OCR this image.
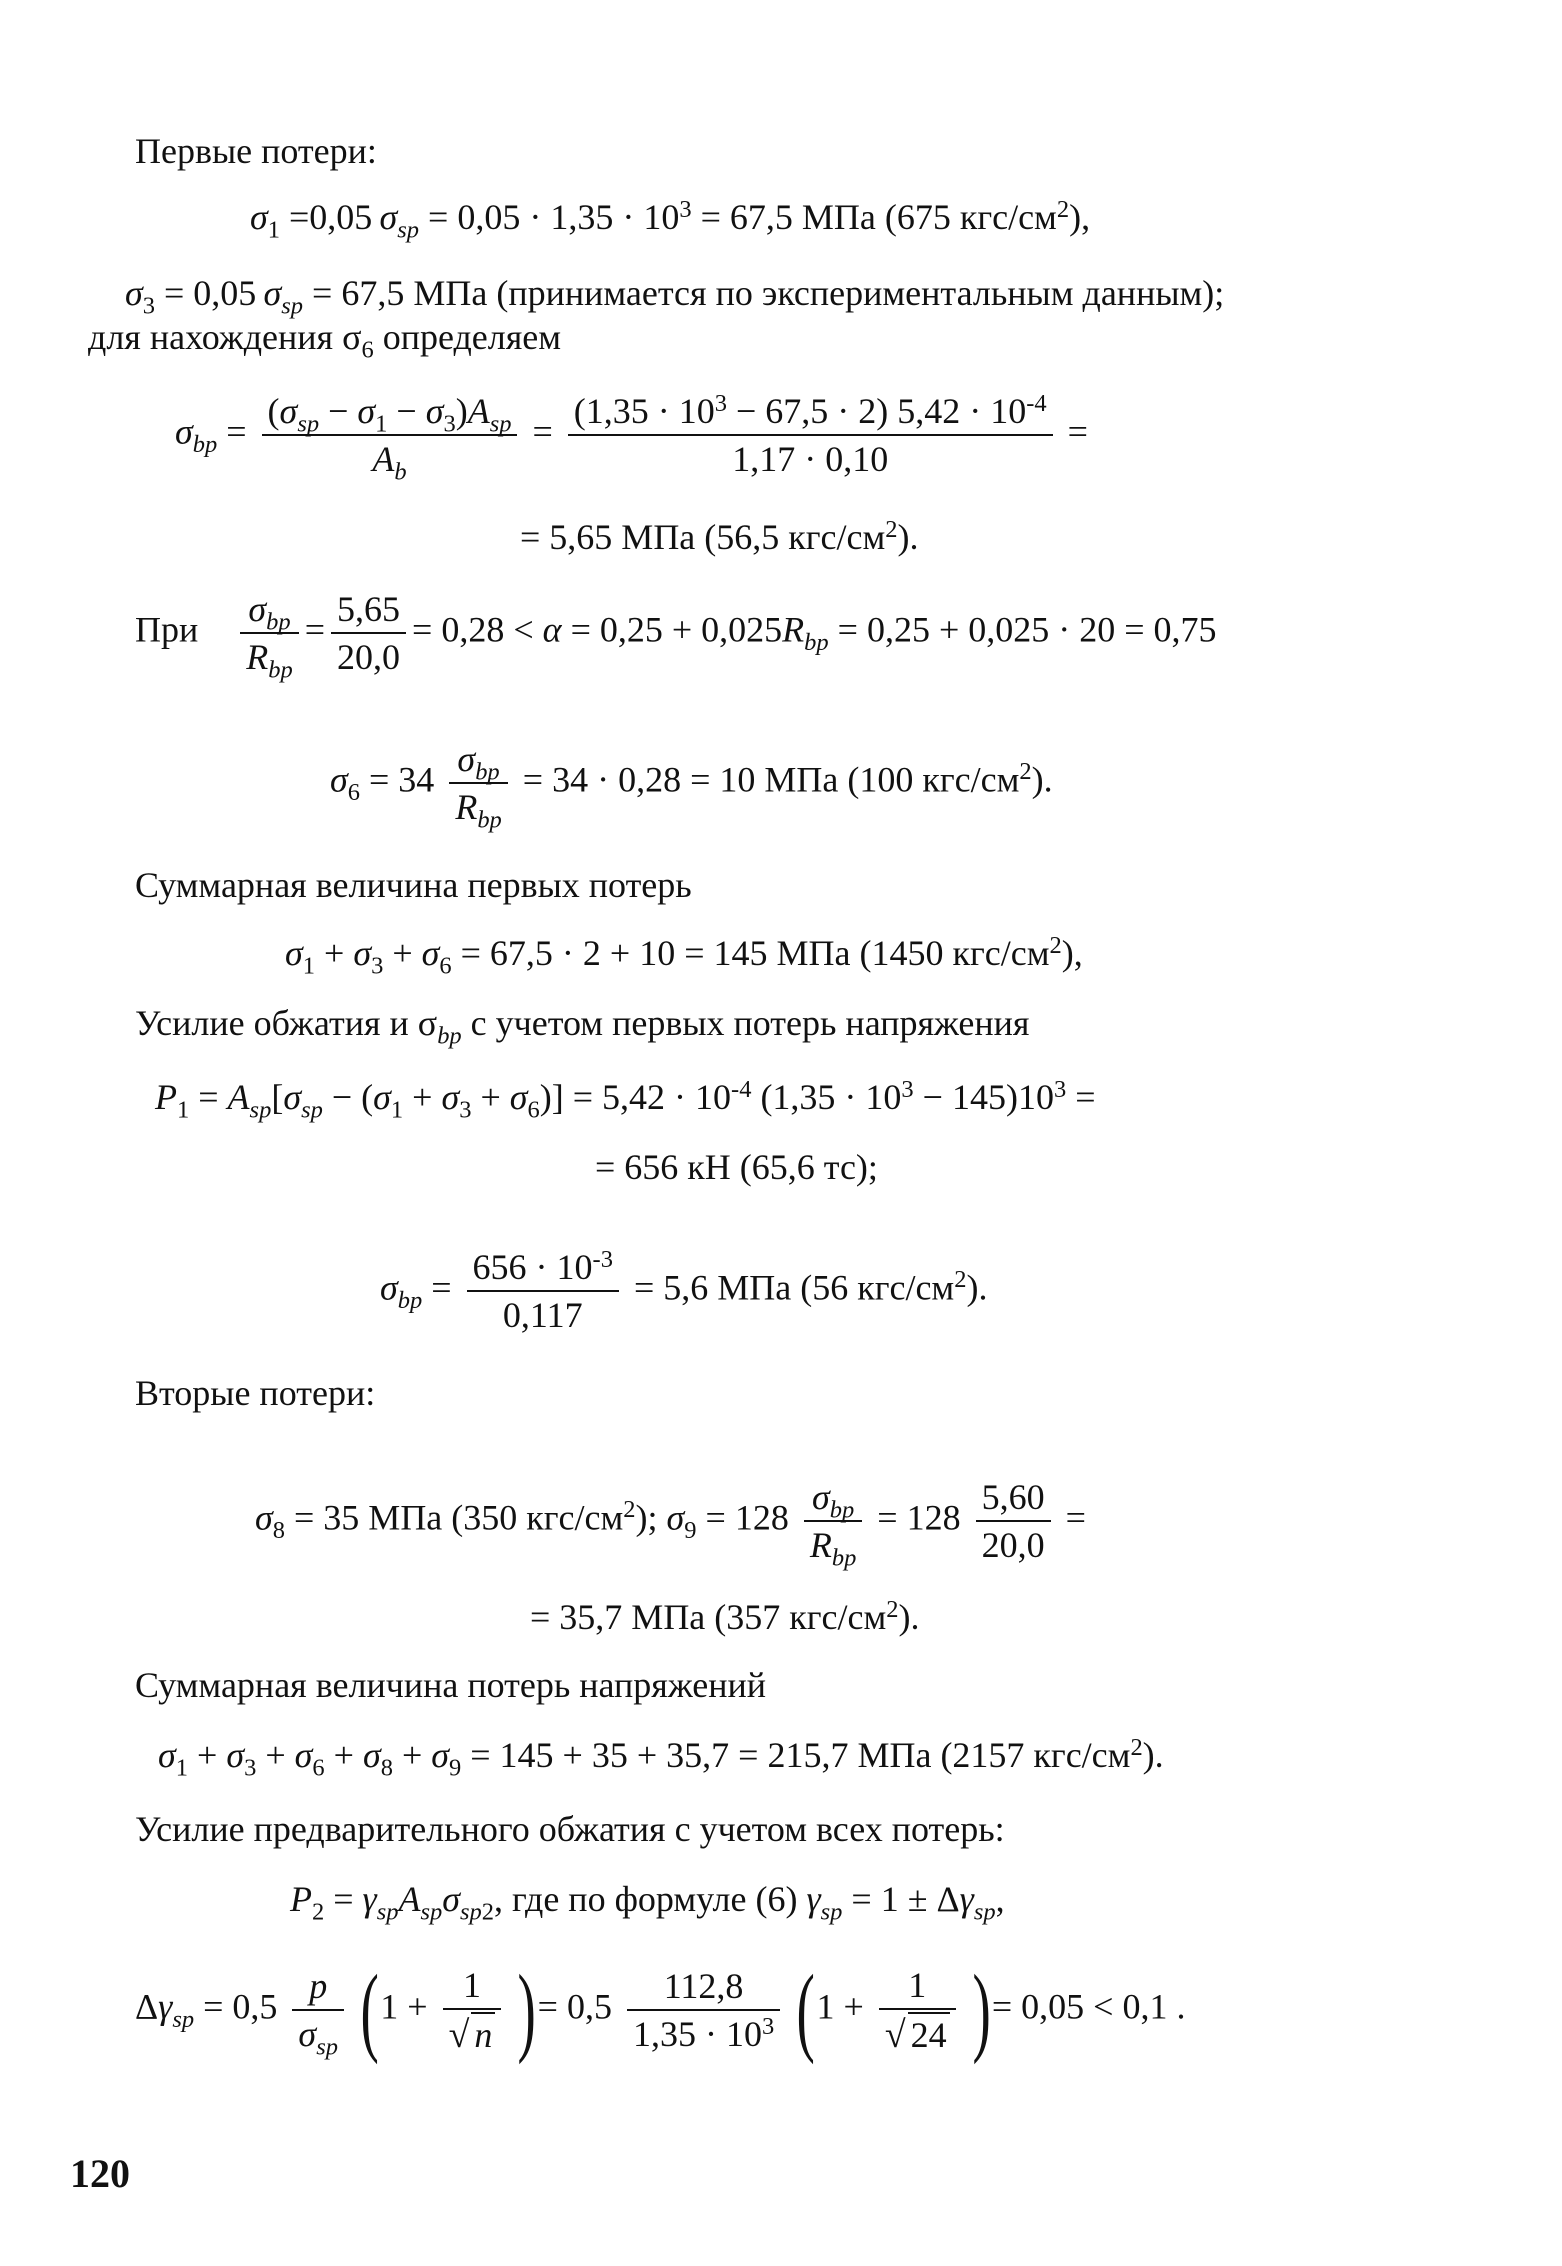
Первые потери:
$\sigma_1 =0,05$ $\sigma_{sp} = 0,05 \cdot 1,35 \cdot 10^3 = 67,5$ МПа (675 кгс/$см^2$),
$\sigma_3 = 0,05$ $\sigma_{sp} = 67,5$ МПа (принимается по экспериментальным данным);
для нахождения $\sigma_6$ определяем
$\sigma_{bp}$ =
$(\sigma_{sp} - \sigma_1 - \sigma_3)A_{sp}$
$A_b$
= $\frac{(1,35 \cdot 10^3 - 67,5 \cdot 2) 5,42 \cdot 10^{-4}}{1,17 \cdot 0,10}$ =
= 5,65 МПа (56,5 кгс/$см^2$).
При
$\sigma_{bp}$
$R_{bp}$
= $\frac{5,65}{20,0} = 0,28 < \alpha = 0,25 + 0,025R_{bp} = 0,25 + 0,025 \cdot 20 = 0,75$
$\sigma_6 = 34$
$\sigma_{bp}$
$R_{bp}$
= 34 · 0,28 = 10 МПа (100 кгс/$см^2$).
Суммарная величина первых потерь
$\sigma_1 + \sigma_3 + \sigma_6 = 67,5 \cdot 2 + 10 = 145$ МПа (1450 кгс/$см^2$),
Усилие обжатия и $\sigma_{bp}$ с учетом первых потерь напряжения
$P_1 = A_{sp}[\sigma_{sp} - (\sigma_1 + \sigma_3 + \sigma_6)] = 5,42 \cdot 10^{-4}$ $(1,35 \cdot 10^3 - 145)10^3$ =
= 656 кН (65,6 тс);
$\sigma_{bp} = \frac{656 \cdot 10^{-3}}{0,117} = 5,6$ МПа (56 кгс/$см^2$).
Вторые потери:
$\sigma_8 = 35$ МПа (350 кгс/$см^2$); $\sigma_9 = 128$
$\sigma_{bp}$
$R_{bp}$
= $128 \frac{5,60}{20,0}$ =
= 35,7 МПа (357 кгс/$см^2$).
Суммарная величина потерь напряжений
$\sigma_1 + \sigma_3 + \sigma_6 + \sigma_8 + \sigma_9 = 145 + 35 + 35,7 = 215,7$ МПа (2157 кгс/$см^2$).
Усилие предварительного обжатия с учетом всех потерь:
$P_2 = \gamma_{sp}A_{sp}\sigma_{sp2}$, где по формуле (6) $\gamma_{sp} = 1 \pm \Delta\gamma_{sp}$,
$\Delta\gamma_{sp} = 0,5$
p
$\sigma_{sp}$ ($1 + \frac{1}{√ n}$ )= $0,5 \frac{112,8}{1,35 \cdot 10^3} (1 + \frac{1}{√ 24}$ )= 0,05 < 0,1 .
120
